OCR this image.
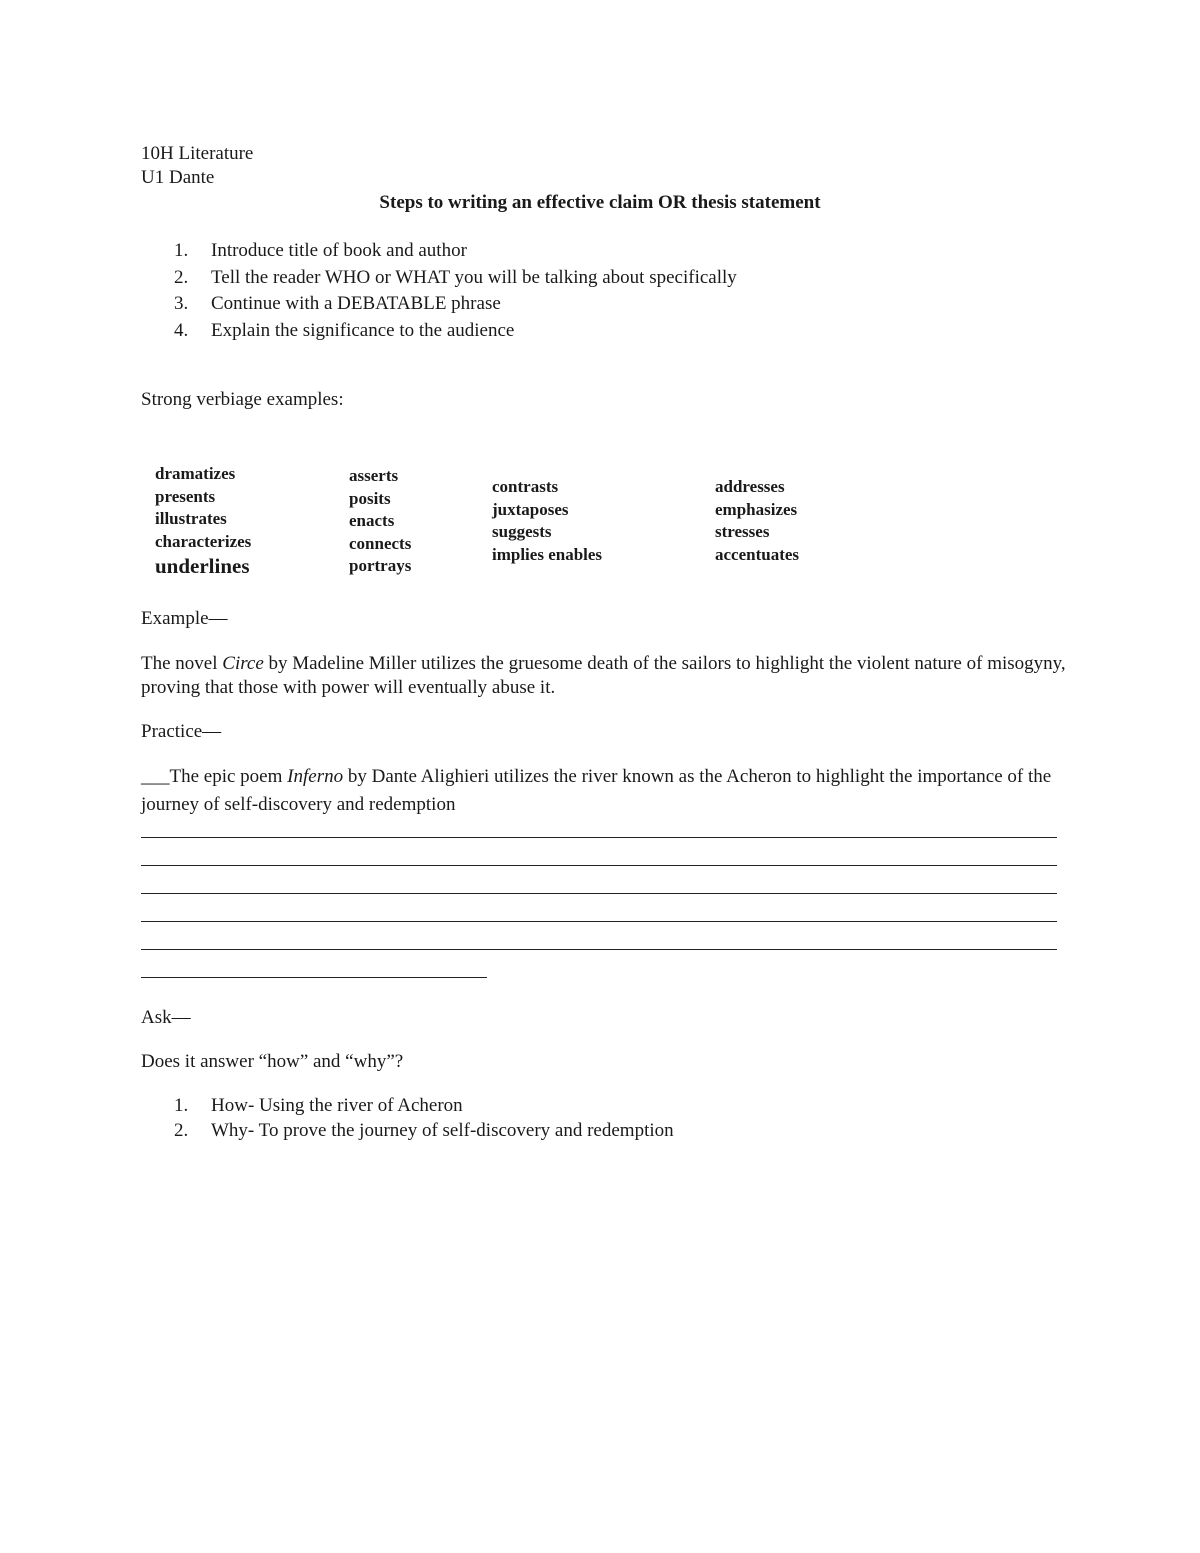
10H Literature
U1 Dante
Steps to writing an effective claim OR thesis statement
1. Introduce title of book and author
2. Tell the reader WHO or WHAT you will be talking about specifically
3. Continue with a DEBATABLE phrase
4. Explain the significance to the audience
Strong verbiage examples:
dramatizes
presents
illustrates
characterizes
underlines
asserts
posits
enacts
connects
portrays
contrasts
juxtaposes
suggests
implies enables
addresses
emphasizes
stresses
accentuates
Example—
The novel Circe by Madeline Miller utilizes the gruesome death of the sailors to highlight the violent nature of misogyny, proving that those with power will eventually abuse it.
Practice—
___The epic poem Inferno by Dante Alighieri utilizes the river known as the Acheron to highlight the importance of the journey of self-discovery and redemption
Ask—
Does it answer “how” and “why”?
1. How- Using the river of Acheron
2. Why- To prove the journey of self-discovery and redemption
